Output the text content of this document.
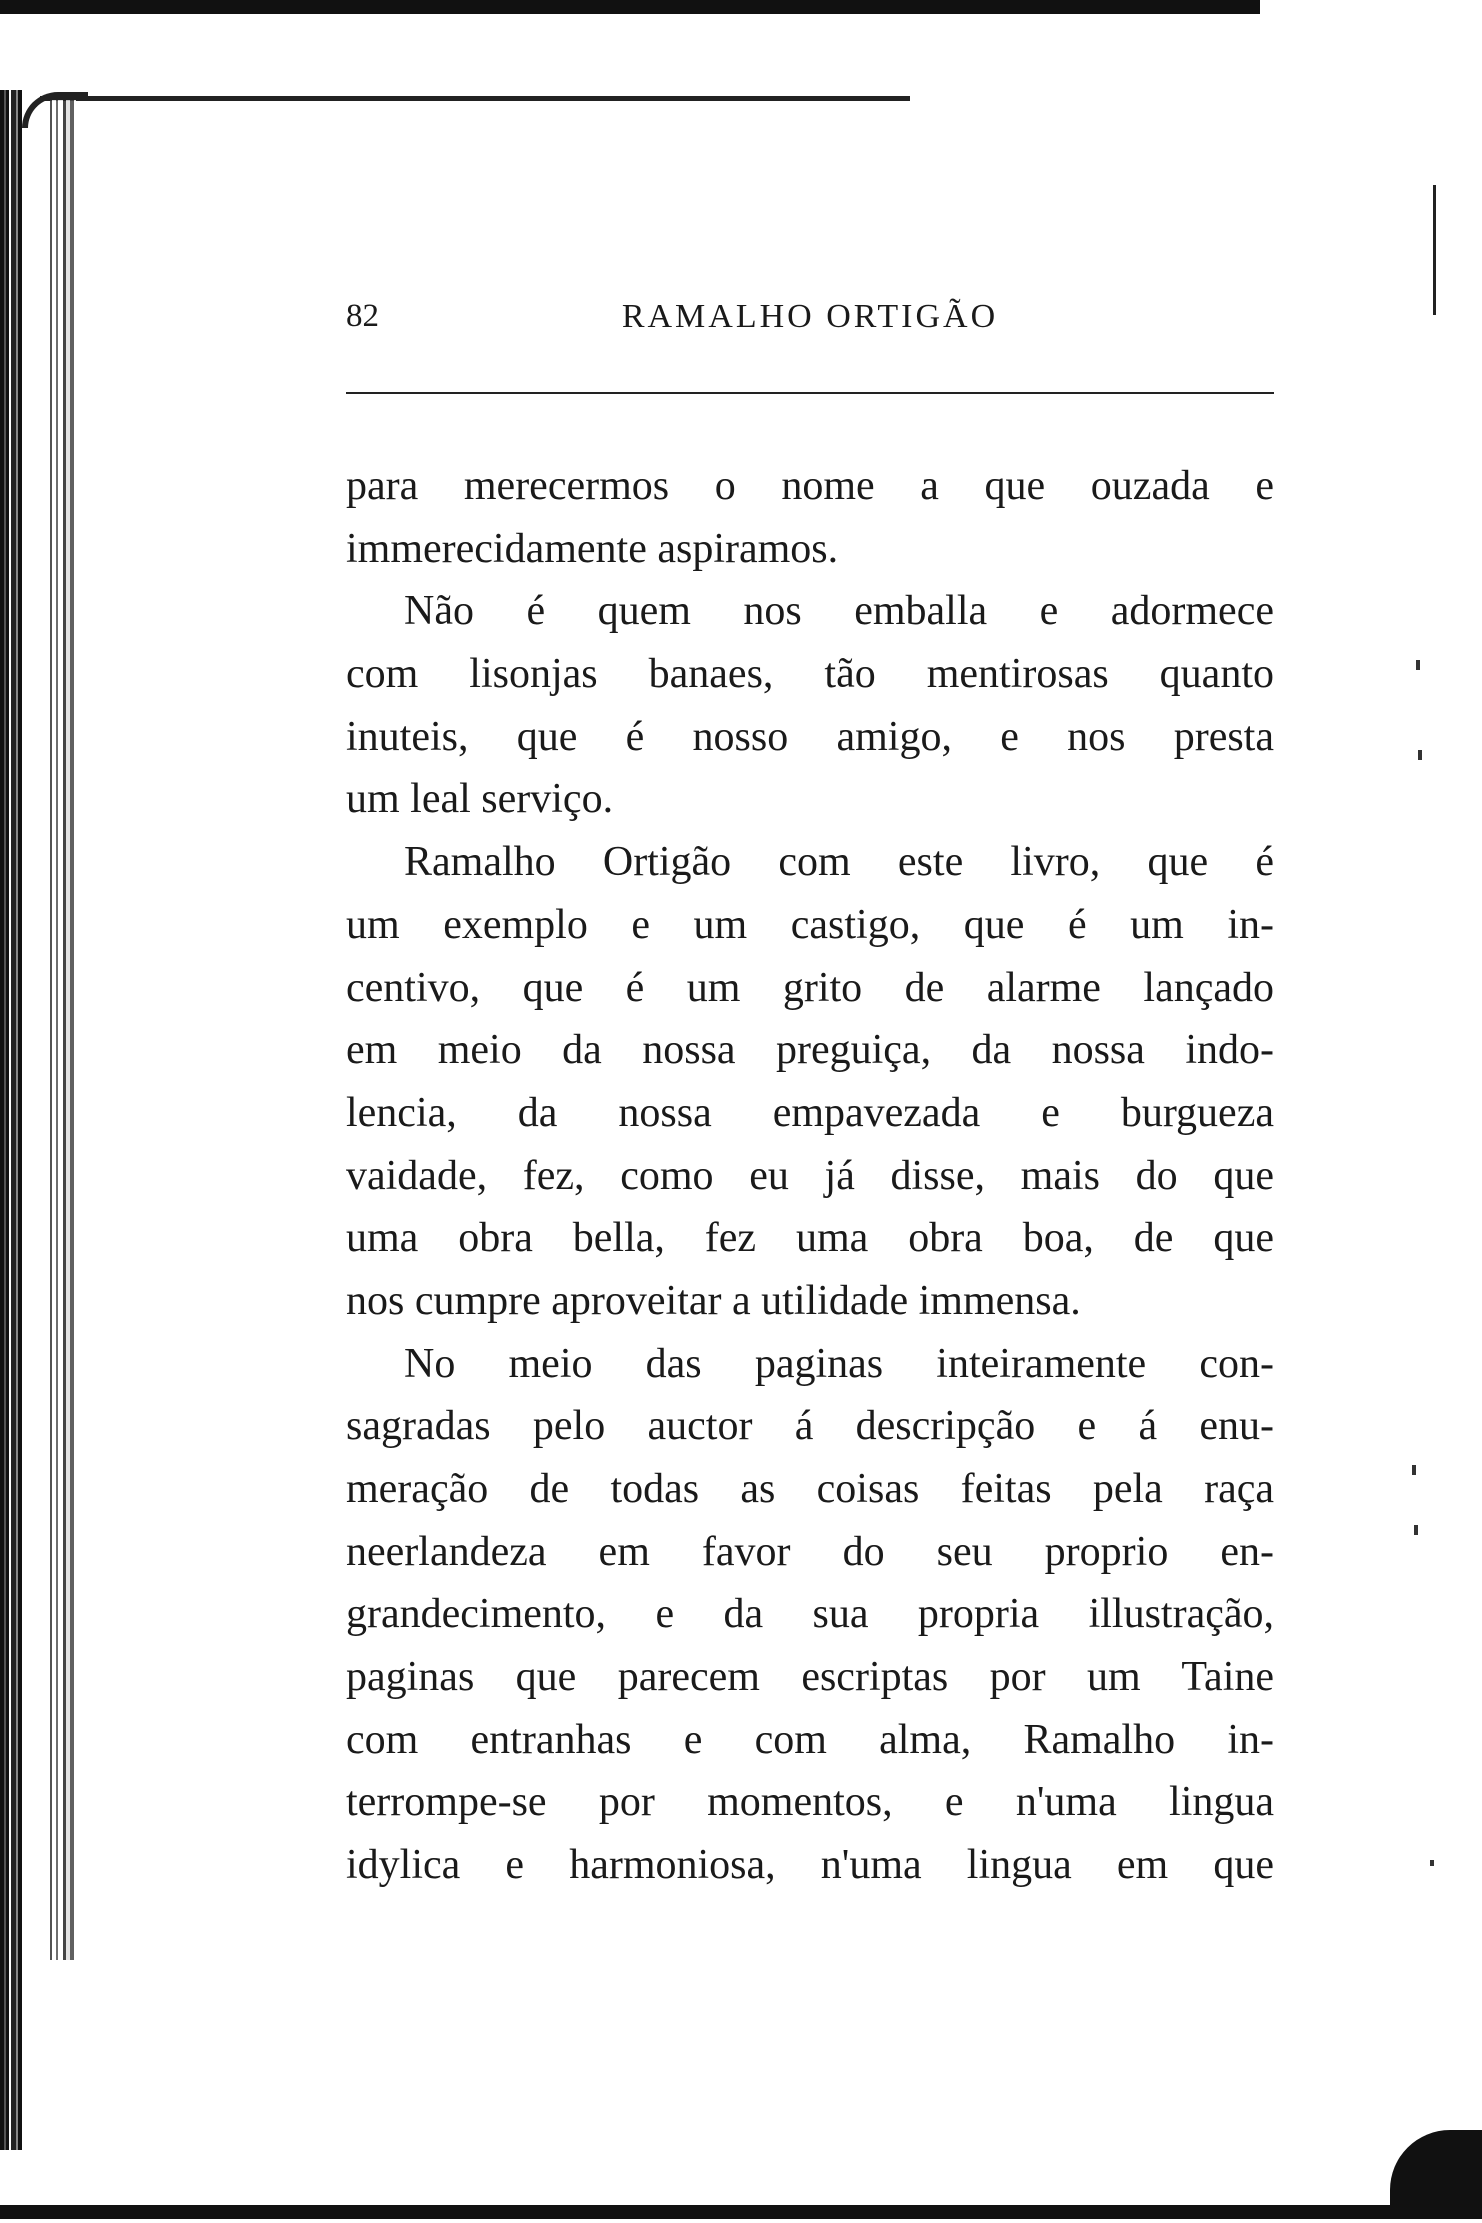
82	RAMALHO ORTIGÃO
para merecermos o nome a que ouzada e
immerecidamente aspiramos.
Não é quem nos emballa e adormece
com lisonjas banaes, tão mentirosas quanto
inuteis, que é nosso amigo, e nos presta
um leal serviço.
Ramalho Ortigão com este livro, que é
um exemplo e um castigo, que é um in-
centivo, que é um grito de alarme lançado
em meio da nossa preguiça, da nossa indo-
lencia, da nossa empavezada e burgueza
vaidade, fez, como eu já disse, mais do que
uma obra bella, fez uma obra boa, de que
nos cumpre aproveitar a utilidade immensa.
No meio das paginas inteiramente con-
sagradas pelo auctor á descripção e á enu-
meração de todas as coisas feitas pela raça
neerlandeza em favor do seu proprio en-
grandecimento, e da sua propria illustração,
paginas que parecem escriptas por um Taine
com entranhas e com alma, Ramalho in-
terrompe-se por momentos, e n'uma lingua
idylica e harmoniosa, n'uma lingua em que
